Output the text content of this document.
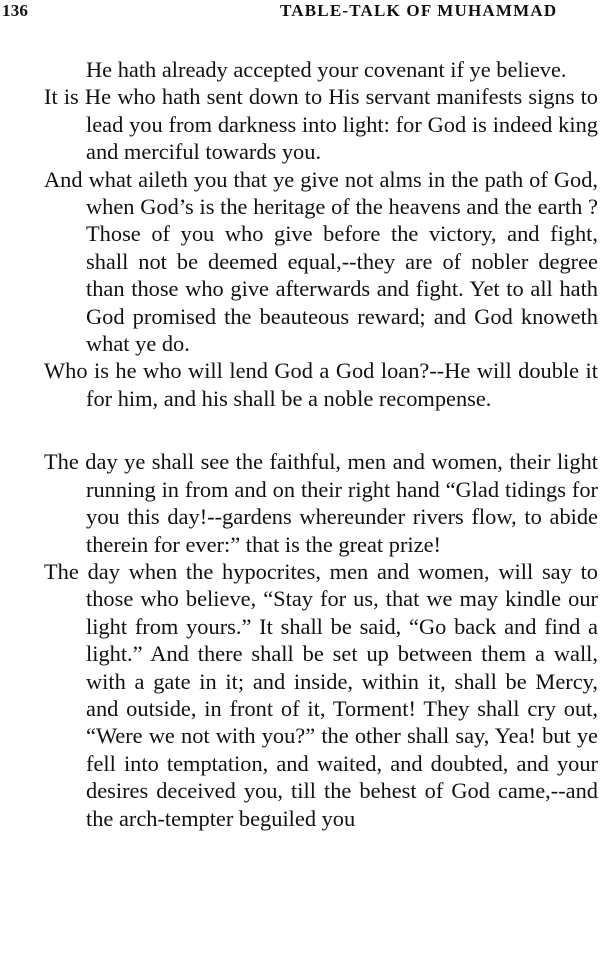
136	TABLE-TALK OF MUHAMMAD

He hath already accepted your covenant if ye believe.

It is He who hath sent down to His servant manifests signs to lead you from darkness into light: for God is indeed king and merciful towards you.

And what aileth you that ye give not alms in the path of God, when God’s is the heritage of the heavens and the earth ? Those of you who give before the victory, and fight, shall not be deemed equal,--they are of nobler degree than those who give afterwards and fight. Yet to all hath God promised the beauteous reward; and God knoweth what ye do.

Who is he who will lend God a God loan?--He will double it for him, and his shall be a noble recompense.

The day ye shall see the faithful, men and women, their light running in from and on their right hand “Glad tidings for you this day!--gardens whereunder rivers flow, to abide therein for ever:” that is the great prize!

The day when the hypocrites, men and women, will say to those who believe, “Stay for us, that we may kindle our light from yours.” It shall be said, “Go back and find a light.” And there shall be set up between them a wall, with a gate in it; and inside, within it, shall be Mercy, and outside, in front of it, Torment! They shall cry out, “Were we not with you?” the other shall say, Yea! but ye fell into temptation, and waited, and doubted, and your desires deceived you, till the behest of God came,--and the arch-tempter beguiled you
